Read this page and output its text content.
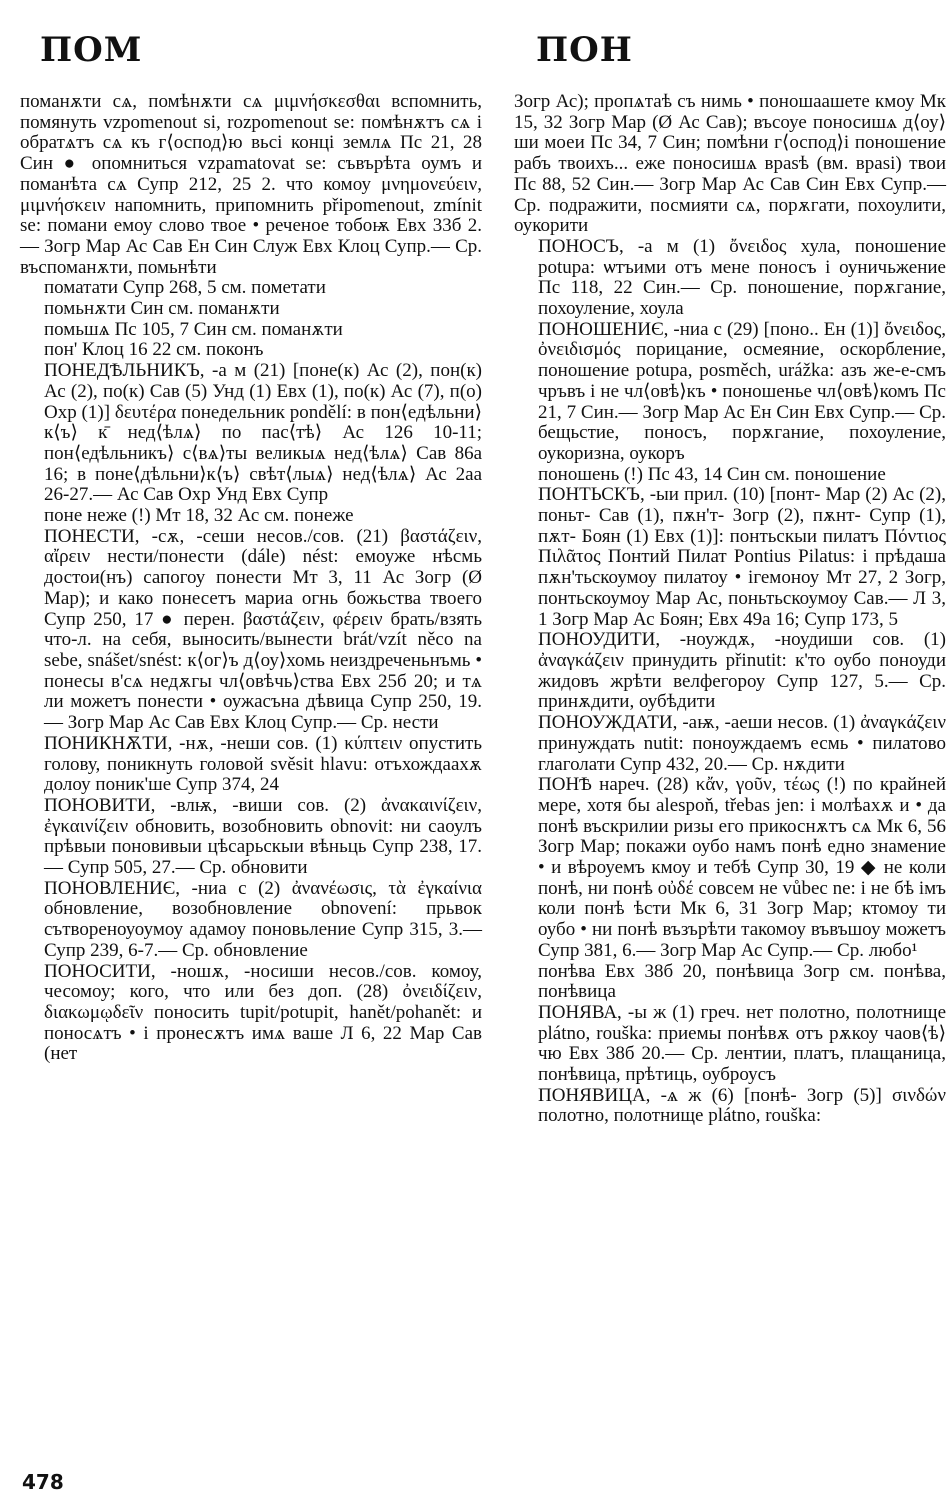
ПОМ	ПОН

поманѫти сѧ, помѣнѫти сѧ μιμνήσκεσθαι вспомнить, помянуть vzpomenout si, rozpomenout se: помѣнѫтъ сѧ і обратѧтъ сѧ къ г⟨оспод⟩ю вьсі конці землѧ Пс 21, 28 Син ● опомниться vzpamatovat se: съвърѣта оумъ и поманѣта сѧ Супр 212, 25 2. что комоу μνημονεύειν, μιμνήσκειν напомнить, припомнить připomenout, zmínit se: помани емоу слово твое • реченое тобоѭ Евх 33б 2.— Зогр Мар Ас Сав Ен Син Служ Евх Клоц Супр.— Ср. въспоманѫти, помьнѣти

поматати Супр 268, 5 см. пометати

помьнѫти Син см. поманѫти

помьшѧ Пс 105, 7 Син см. поманѫти

пон' Клоц 16 22 см. поконъ

ПОНЕДѢЛЬНИКЪ, -а м (21) [поне(к) Ас (2), пон(к) Ас (2), по(к) Сав (5) Унд (1) Евх (1), по(к) Ас (7), п(о) Охр (1)] δευτέρα понедельник pondělí: в пон⟨едѣльни⟩к⟨ъ⟩ к̄ нед⟨ѣлѧ⟩ по пас⟨тѣ⟩ Ас 126 10-11; пон⟨едѣльникъ⟩ с⟨вѧ⟩ты великыѧ нед⟨ѣлѧ⟩ Сав 86а 16; в поне⟨дѣльни⟩к⟨ъ⟩ свѣт⟨лыѧ⟩ нед⟨ѣлѧ⟩ Ас 2аа 26-27.— Ас Сав Охр Унд Евх Супр

поне неже (!) Мт 18, 32 Ас см. понеже

ПОНЕСТИ, -сѫ, -сеши несов./сов. (21) βαστάζειν, αἴρειν нести/понести (dále) nést: емоуже нѣсмь достои(нъ) сапогоу понести Мт 3, 11 Ас Зогр (Ø Мар); и како понесетъ мариа огнь божьства твоего Супр 250, 17 ● перен. βαστάζειν, φέρειν брать/взять что-л. на себя, выносить/вынести brát/vzít něco na sebe, snášet/snést: к⟨ог⟩ъ д⟨оу⟩хомь неиздреченьнъмь • понесы в'сѧ недѫгы чл⟨овѣчь⟩ства Евх 25б 20; и тѧ ли можетъ понести • оужасъна дѣвица Супр 250, 19.— Зогр Мар Ас Сав Евх Клоц Супр.— Ср. нести

ПОНИКНѪТИ, -нѫ, -неши сов. (1) κύπτειν опустить голову, поникнуть головой svěsit hlavu: отъхождаахѫ долоу поник'ше Супр 374, 24

ПОНОВИТИ, -влѭ, -виши сов. (2) ἀνακαινίζειν, ἐγκαινίζειν обновить, возобновить obnovit: ни саоулъ прѣвыи поновивыи цѣсарьскыи вѣньць Супр 238, 17.— Супр 505, 27.— Ср. обновити

ПОНОВЛЕНИЄ, -ниа с (2) ἀνανέωσις, τὰ ἐγκαίνια обновление, возобновление obnovení: прьвок сътвореноуоумоу адамоу поновьление Супр 315, 3.— Супр 239, 6-7.— Ср. обновление

ПОНОСИТИ, -ношѫ, -носиши несов./сов. комоу, чесомоу; кого, что или без доп. (28) ὀνειδίζειν, διακωμῳδεῖν поносить tupit/potupit, hanět/pohanět: и поносѧтъ • і пронесѫтъ имѧ ваше Л 6, 22 Мар Сав (нет

Зогр Ас); пропѧтаѣ съ нимь • поношаашете кмоу Мк 15, 32 Зогр Мар (Ø Ас Сав); въсоуе поносишѧ д⟨оу⟩ши моеи Пс 34, 7 Син; помѣни г⟨оспод⟩і поношение рабъ твоихъ... еже поносишѧ враѕѣ (вм. враѕі) твои Пс 88, 52 Син.— Зогр Мар Ас Сав Син Евх Супр.— Ср. подражити, посмияти сѧ, порѫгати, похоулити, оукорити

ПОНОСЪ, -а м (1) ὄνειδος хула, поношение potupa: ѡтъими отъ мене поносъ і оуничьжение Пс 118, 22 Син.— Ср. поношение, порѫгание, похоуление, хоула

ПОНОШЕНИЄ, -ниа с (29) [поно.. Ен (1)] ὄνειδος, ὀνειδισμός порицание, осмеяние, оскорбление, поношение potupa, posměch, urážka: азъ же-е-смъ чръвъ і не чл⟨овѣ⟩къ • поношенье чл⟨овѣ⟩комъ Пс 21, 7 Син.— Зогр Мар Ас Ен Син Евх Супр.— Ср. бещьстие, поносъ, порѫгание, похоуление, оукоризна, оукоръ

поношень (!) Пс 43, 14 Син см. поношение

ПОНТЬСКЪ, -ыи прил. (10) [понт- Мар (2) Ас (2), поньт- Сав (1), пѫн'т- Зогр (2), пѫнт- Супр (1), пѫт- Боян (1) Евх (1)]: понтьскыи пилатъ Πόντιος Πιλᾶτος Понтий Пилат Pontius Pilatus: і прѣдаша пѫн'тьскоумоу пилатоу • ігемоноу Мт 27, 2 Зогр, понтьскоумоу Мар Ас, поньтьскоумоу Сав.— Л 3, 1 Зогр Мар Ас Боян; Евх 49а 16; Супр 173, 5

ПОНОУДИТИ, -ноуждѫ, -ноудиши сов. (1) ἀναγκάζειν принудить přinutit: к'то оубо поноуди жидовъ жрѣти велфегороу Супр 127, 5.— Ср. принѫдити, оубѣдити

ПОНОУЖДАТИ, -аѭ, -аеши несов. (1) ἀναγκάζειν принуждать nutit: поноуждаемъ есмь • пилатово глаголати Супр 432, 20.— Ср. нѫдити

ПОНѢ нареч. (28) κἄν, γοῦν, τέως (!) по крайней мере, хотя бы alespoň, třebas jen: і молѣахѫ и • да понѣ въскрилии ризы его прикоснѫтъ сѧ Мк 6, 56 Зогр Мар; покажи оубо намъ понѣ едно знамение • и вѣроуемъ кмоу и тебѣ Супр 30, 19 ◆ не коли понѣ, ни понѣ οὐδέ совсем не vůbec ne: і не бѣ імъ коли понѣ ѣсти Мк 6, 31 Зогр Мар; ктомоу ти оубо • ни понѣ възърѣти такомоу въвъшоу можетъ Супр 381, 6.— Зогр Мар Ас Супр.— Ср. любо¹

понѣва Евх 38б 20, понѣвица Зогр см. понѣва, понѣвица

ПОНЯВА, -ы ж (1) греч. нет полотно, полотнище plátno, rouška: приемы понѣвѫ отъ рѫкоу чаов⟨ѣ⟩чю Евх 38б 20.— Ср. лентии, платъ, плащаница, понѣвица, прѣтиць, оуброусъ

ПОНЯВИЦА, -ѧ ж (6) [понѣ- Зогр (5)] σινδών полотно, полотнище plátno, rouška:

478
